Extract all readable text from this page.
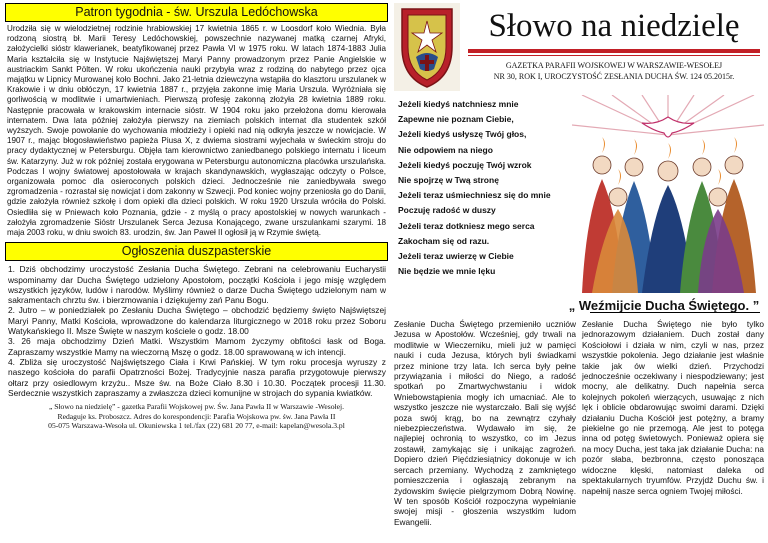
Patron tygodnia - św. Urszula Ledóchowska

Urodziła się w wielodzietnej rodzinie hrabiowskiej 17 kwietnia 1865 r. w Loosdorf koło Wiednia. Była rodzoną siostrą bł. Marii Teresy Ledóchowskiej, powszechnie nazywanej matką czarnej Afryki, założycielki sióstr klawerianek, beatyfikowanej przez Pawła VI w 1975 roku. W latach 1874-1883 Julia Maria kształciła się w Instytucie Najświętszej Maryi Panny prowadzonym przez Panie Angielskie w austriackim Sankt Pölten. W roku ukończenia nauki przybyła wraz z rodziną do nabytego przez ojca majątku w Lipnicy Murowanej koło Bochni. Jako 21-letnia dziewczyna wstąpiła do klasztoru urszulanek w Krakowie i w dniu obłóczyn, 17 kwietnia 1887 r., przyjęła zakonne imię Maria Urszula. Wyróżniała się gorliwością w modlitwie i umartwieniach. Pierwszą profesję zakonną złożyła 28 kwietnia 1889 roku. Następnie pracowała w krakowskim internacie sióstr. W 1904 roku jako przełożona domu kierowała internatem. Dwa lata później założyła pierwszy na ziemiach polskich internat dla studentek szkół wyższych. Swoje powołanie do wychowania młodzieży i opieki nad nią odkryła jeszcze w nowicjacie. W 1907 r., mając błogosławieństwo papieża Piusa X, z dwiema siostrami wyjechała w świeckim stroju do pracy dydaktycznej w Petersburgu. Objęła tam kierownictwo zaniedbanego polskiego internatu i liceum św. Katarzyny. Już w rok później została erygowana w Petersburgu autonomiczna placówka urszulańska. Podczas I wojny światowej apostołowała w krajach skandynawskich, wygłaszając odczyty o Polsce, organizowała pomoc dla osieroconych polskich dzieci. Jednocześnie nie zaniedbywała swego zgromadzenia - rozrastał się nowicjat i dom zakonny w Szwecji. Pod koniec wojny przeniosła go do Danii, gdzie założyła również szkołę i dom opieki dla dzieci polskich. W roku 1920 Urszula wróciła do Polski. Osiedliła się w Pniewach koło Poznania, gdzie - z myślą o pracy apostolskiej w nowych warunkach - założyła zgromadzenie Sióstr Urszulanek Serca Jezusa Konającego, zwane urszulankami szarymi. 18 maja 2003 roku, w dniu swoich 83. urodzin, św. Jan Paweł II ogłosił ją w Rzymie świętą.

Ogłoszenia duszpasterskie

1. Dziś obchodzimy uroczystość Zesłania Ducha Świętego. Zebrani na celebrowaniu Eucharystii wspominamy dar Ducha Świętego udzielony Apostołom, początki Kościoła i jego misję względem wszystkich języków, ludów i narodów. Myślimy również o darze Ducha Świętego udzielonym nam w sakramentach chrztu św. i bierzmowania i dziękujemy zań Panu Bogu.

2. Jutro – w poniedziałek po Zesłaniu Ducha Świętego – obchodzić będziemy święto Najświętszej Maryi Panny, Matki Kościoła, wprowadzone do kalendarza liturgicznego w 2018 roku przez Soboru Watykańskiego II. Msze Święte w naszym kościele o godz. 18.00

3. 26 maja obchodzimy Dzień Matki. Wszystkim Mamom życzymy obfitości łask od Boga. Zapraszamy wszystkie Mamy na wieczorną Mszę o godz. 18.00 sprawowaną w ich intencji.

4. Zbliża się uroczystość Najświętszego Ciała i Krwi Pańskiej. W tym roku procesja wyruszy z naszego kościoła do parafii Opatrzności Bożej. Tradycyjnie nasza parafia przygotowuje pierwszy ołtarz przy osiedlowym krzyżu.. Msze św. na Boże Ciało 8.30 i 10.30. Początek procesji 11.30. Serdecznie wszystkich zapraszamy a zwłaszcza dzieci komunijne w strojach do sypania kwiatków.

„ Słowo na niedzielę” - gazetka Parafii Wojskowej pw. Św. Jana Pawła II w Warszawie -Wesołej.
Redaguje ks. Proboszcz. Adres do korespondencji: Parafia Wojskowa pw. św. Jana Pawła II
05-075 Warszawa-Wesoła ul. Okuniewska 1 tel./fax (22) 681 20 77, e-mail: kapelan@wesola.3.pl
Słowo na niedzielę
GAZETKA PARAFII WOJSKOWEJ W WARSZAWIE-WESOŁEJ
NR 30, ROK I, UROCZYSTOŚĆ ZESŁANIA DUCHA ŚW. 124 05.2015r.
Jeżeli kiedyś natchniesz mnie
Zapewne nie poznam Ciebie,
Jeżeli kiedyś usłyszę Twój głos,
Nie odpowiem na niego
Jeżeli kiedyś poczuję Twój wzrok
Nie spojrzę w Twą stronę
Jeżeli teraz uśmiechniesz się do mnie
Poczuję radość w duszy
Jeżeli teraz dotkniesz mego serca
Zakocham się od razu.
Jeżeli teraz uwierzę w Ciebie
Nie będzie we mnie lęku
„ Weźmijcie Ducha Świętego. ”
Zesłanie Ducha Świętego przemieniło uczniów Jezusa w Apostołów. Wcześniej, gdy trwali na modlitwie w Wieczerniku, mieli już w pamięci nauki i cuda Jezusa, których byli świadkami przez minione trzy lata. Ich serca były pełne przywiązania i miłości do Niego, a radość spotkań po Zmartwychwstaniu i widok Wniebowstąpienia mogły ich umacniać. Ale to wszystko jeszcze nie wystarczało. Bali się wyjść poza swój krąg, bo na zewnątrz czyhały niebezpieczeństwa. Wydawało im się, że najlepiej ochronią to wszystko, co im Jezus zostawił, zamykając się i unikając zagrożeń. Dopiero dzień Pięćdziesiątnicy dokonuje w ich sercach przemiany. Wychodzą z zamkniętego pomieszczenia i ogłaszają zebranym na żydowskim święcie pielgrzymom Dobrą Nowinę. W ten sposób Kościół rozpoczyna wypełnianie swojej misji - głoszenia wszystkim ludom Ewangelii.
Zesłanie Ducha Świętego nie było tylko jednorazowym działaniem. Duch został dany Kościołowi i działa w nim, czyli w nas, przez wszystkie pokolenia. Jego działanie jest właśnie takie jak ów wielki dzień. Przychodzi jednocześnie oczekiwany i niespodziewany; jest mocny, ale delikatny. Duch napełnia serca kolejnych pokoleń wierzących, usuwając z nich lęk i oblicie obdarowując swoimi darami. Dzięki działaniu Ducha Kościół jest potężny, a bramy piekielne go nie przemogą. Ale jest to potęga inna od potęg świetowych. Ponieważ opiera się na mocy Ducha, jest taka jak działanie Ducha: na pozór słaba, bezbronna, często ponosząca widoczne klęski, natomiast daleka od spektakularnych tryumfów. Przyjdź Duchu św. i napełnij nasze serca ogniem Twojej miłości.
